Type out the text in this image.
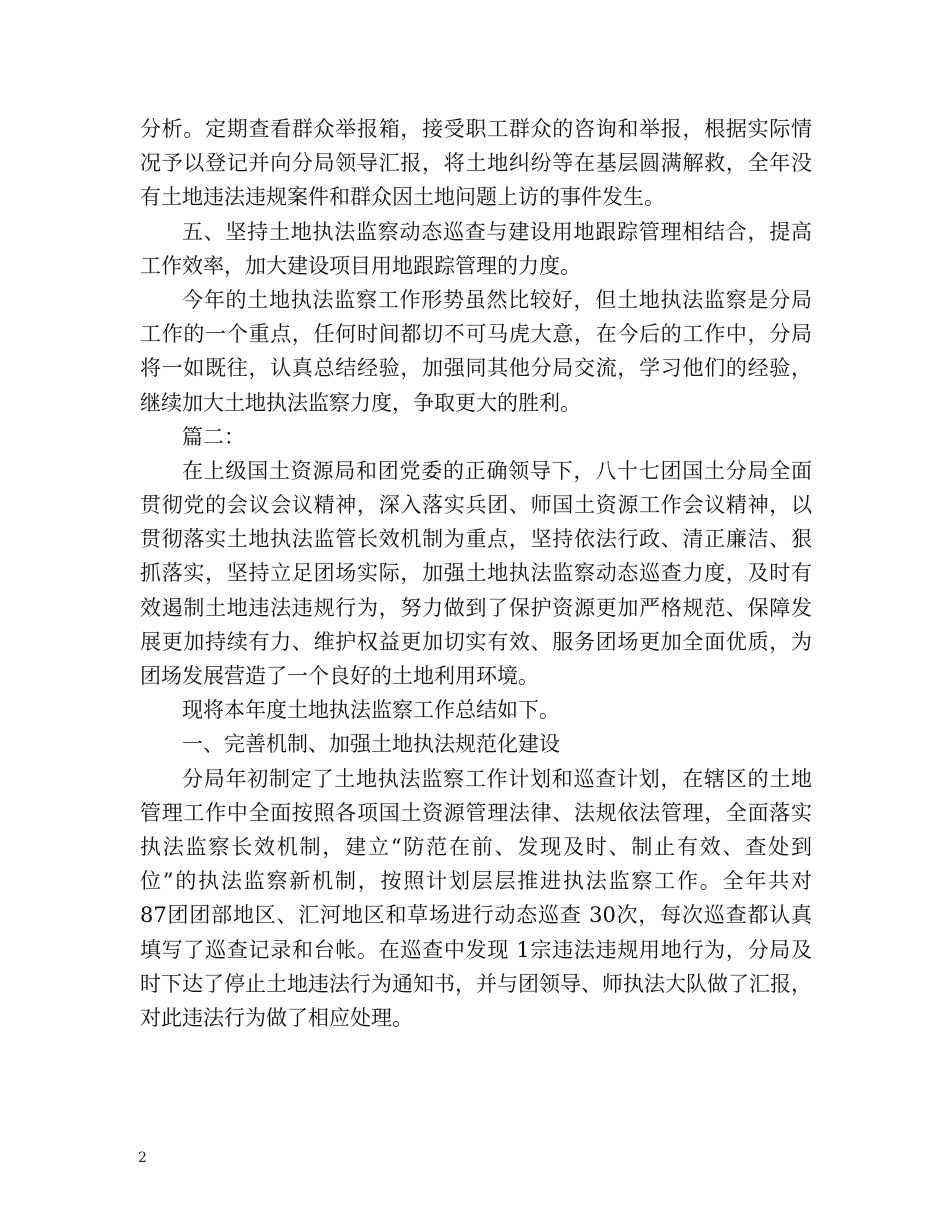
分析。定期查看群众举报箱，接受职工群众的咨询和举报，根据实际情
况予以登记并向分局领导汇报，将土地纠纷等在基层圆满解救，全年没
有土地违法违规案件和群众因土地问题上访的事件发生。
五、坚持土地执法监察动态巡查与建设用地跟踪管理相结合，提高
工作效率，加大建设项目用地跟踪管理的力度。
今年的土地执法监察工作形势虽然比较好，但土地执法监察是分局
工作的一个重点，任何时间都切不可马虎大意，在今后的工作中，分局
将一如既往，认真总结经验，加强同其他分局交流，学习他们的经验，
继续加大土地执法监察力度，争取更大的胜利。
篇二：
在上级国土资源局和团党委的正确领导下，八十七团国土分局全面
贯彻党的会议会议精神，深入落实兵团、师国土资源工作会议精神，以
贯彻落实土地执法监管长效机制为重点，坚持依法行政、清正廉洁、狠
抓落实，坚持立足团场实际，加强土地执法监察动态巡查力度，及时有
效遏制土地违法违规行为，努力做到了保护资源更加严格规范、保障发
展更加持续有力、维护权益更加切实有效、服务团场更加全面优质，为
团场发展营造了一个良好的土地利用环境。
现将本年度土地执法监察工作总结如下。
一、完善机制、加强土地执法规范化建设
分局年初制定了土地执法监察工作计划和巡查计划，在辖区的土地
管理工作中全面按照各项国土资源管理法律、法规依法管理，全面落实
执法监察长效机制，建立“防范在前、发现及时、制止有效、查处到
位”的执法监察新机制，按照计划层层推进执法监察工作。全年共对
87团团部地区、汇河地区和草场进行动态巡查 30次，每次巡查都认真
填写了巡查记录和台帐。在巡查中发现 1宗违法违规用地行为，分局及
时下达了停止土地违法行为通知书，并与团领导、师执法大队做了汇报，
对此违法行为做了相应处理。
2
